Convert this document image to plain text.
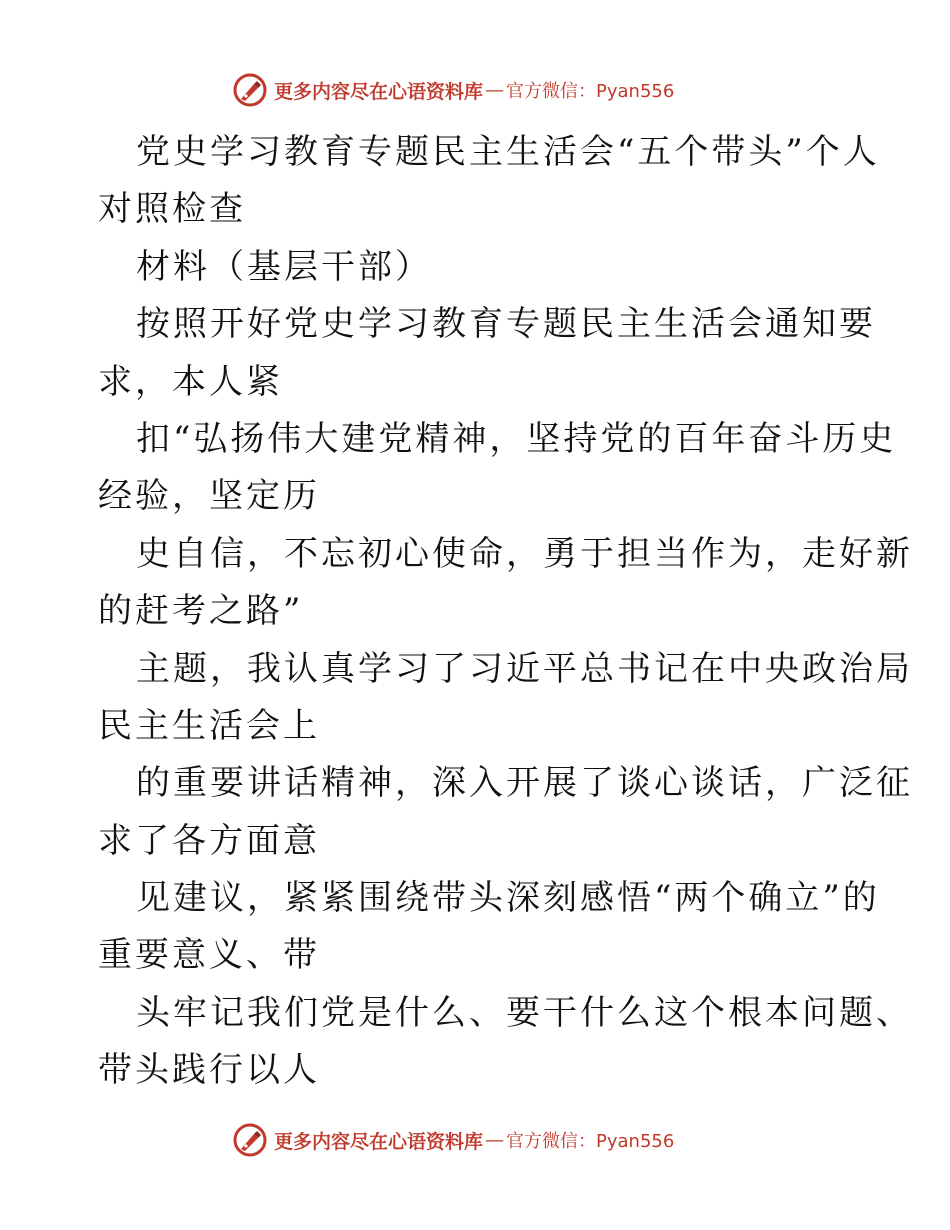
更多内容尽在心语资料库 — 官方微信：Pyan556
党史学习教育专题民主生活会“五个带头”个人
对照检查
材料（基层干部）
按照开好党史学习教育专题民主生活会通知要
求，本人紧
扣“弘扬伟大建党精神，坚持党的百年奋斗历史
经验，坚定历
史自信，不忘初心使命，勇于担当作为，走好新
的赶考之路”
主题，我认真学习了习近平总书记在中央政治局
民主生活会上
的重要讲话精神，深入开展了谈心谈话，广泛征
求了各方面意
见建议，紧紧围绕带头深刻感悟“两个确立”的
重要意义、带
头牢记我们党是什么、要干什么这个根本问题、
带头践行以人
更多内容尽在心语资料库 — 官方微信：Pyan556
